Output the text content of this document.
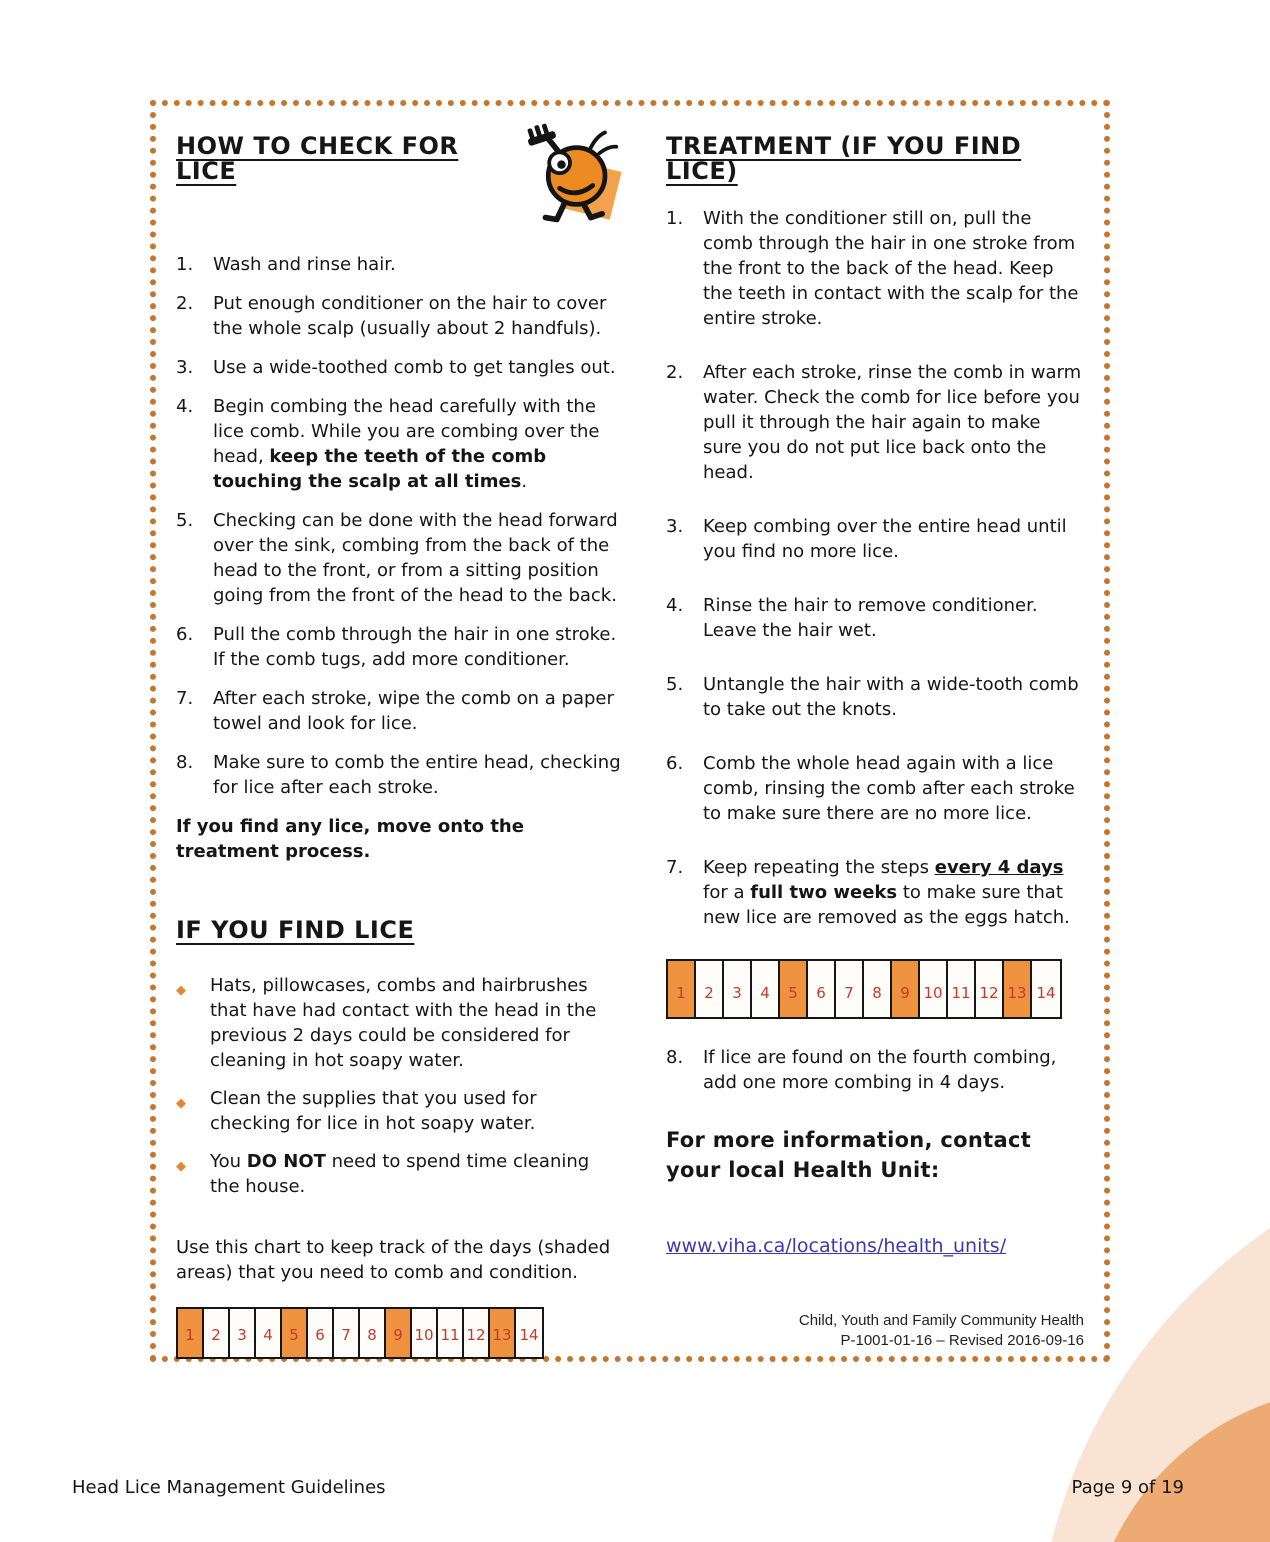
HOW TO CHECK FOR LICE
1.	Wash and rinse hair.
2.	Put enough conditioner on the hair to cover the whole scalp (usually about 2 handfuls).
3.	Use a wide-toothed comb to get tangles out.
4.	Begin combing the head carefully with the lice comb. While you are combing over the head, keep the teeth of the comb touching the scalp at all times.
5.	Checking can be done with the head forward over the sink, combing from the back of the head to the front, or from a sitting position going from the front of the head to the back.
6.	Pull the comb through the hair in one stroke. If the comb tugs, add more conditioner.
7.	After each stroke, wipe the comb on a paper towel and look for lice.
8.	Make sure to comb the entire head, checking for lice after each stroke.

If you find any lice, move onto the treatment process.

IF YOU FIND LICE
◆	Hats, pillowcases, combs and hairbrushes that have had contact with the head in the previous 2 days could be considered for cleaning in hot soapy water.
◆	Clean the supplies that you used for checking for lice in hot soapy water.
◆	You DO NOT need to spend time cleaning the house.

Use this chart to keep track of the days (shaded areas) that you need to comb and condition.

1 2 3 4 5 6 7 8 9 10 11 12 13 14
TREATMENT (IF YOU FIND LICE)
1.	With the conditioner still on, pull the comb through the hair in one stroke from the front to the back of the head. Keep the teeth in contact with the scalp for the entire stroke.
2.	After each stroke, rinse the comb in warm water. Check the comb for lice before you pull it through the hair again to make sure you do not put lice back onto the head.
3.	Keep combing over the entire head until you find no more lice.
4.	Rinse the hair to remove conditioner. Leave the hair wet.
5.	Untangle the hair with a wide-tooth comb to take out the knots.
6.	Comb the whole head again with a lice comb, rinsing the comb after each stroke to make sure there are no more lice.
7.	Keep repeating the steps every 4 days for a full two weeks to make sure that new lice are removed as the eggs hatch.
1 2 3 4 5 6 7 8 9 10 11 12 13 14
8.	If lice are found on the fourth combing, add one more combing in 4 days.

For more information, contact your local Health Unit:

www.viha.ca/locations/health_units/
Child, Youth and Family Community Health
P-1001-01-16 – Revised 2016-09-16
Head Lice Management Guidelines	Page 9 of 19
